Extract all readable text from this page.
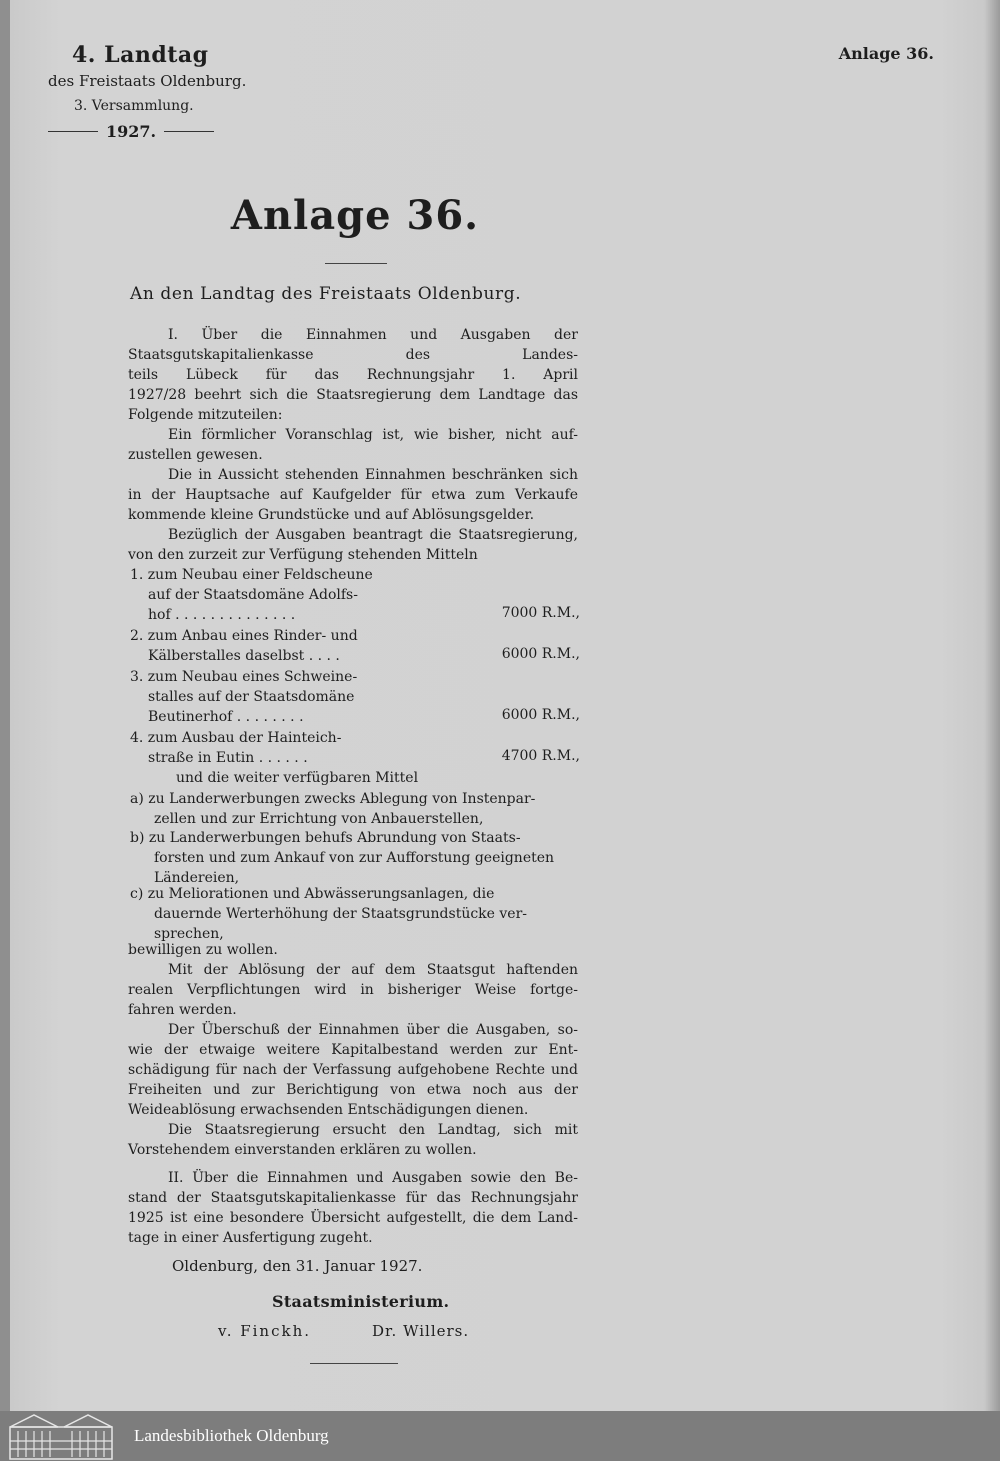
4. Landtag
des Freistaats Oldenburg.
3. Versammlung.
1927.
Anlage 36.
Anlage 36.
An den Landtag des Freistaats Oldenburg.
I. Über die Einnahmen und Ausgaben der
Staatsgutskapitalienkasse des Landes-
teils Lübeck für das Rechnungsjahr 1. April
1927/28 beehrt sich die Staatsregierung dem Landtage das
Folgende mitzuteilen:
Ein förmlicher Voranschlag ist, wie bisher, nicht auf-
zustellen gewesen.
Die in Aussicht stehenden Einnahmen beschränken sich
in der Hauptsache auf Kaufgelder für etwa zum Verkaufe
kommende kleine Grundstücke und auf Ablösungsgelder.
Bezüglich der Ausgaben beantragt die Staatsregierung,
von den zurzeit zur Verfügung stehenden Mitteln
1. zum Neubau einer Feldscheune
auf der Staatsdomäne Adolfs-
hof . . . . . . . . . . . . . .	7000 R.M.,
2. zum Anbau eines Rinder- und
Kälberstalles daselbst . . . .	6000 R.M.,
3. zum Neubau eines Schweine-
stalles auf der Staatsdomäne
Beutinerhof . . . . . . . .	6000 R.M.,
4. zum Ausbau der Hainteich-
straße in Eutin . . . . . .	4700 R.M.,
und die weiter verfügbaren Mittel
a) zu Landerwerbungen zwecks Ablegung von Instenpar-
zellen und zur Errichtung von Anbauerstellen,
b) zu Landerwerbungen behufs Abrundung von Staats-
forsten und zum Ankauf von zur Aufforstung geeigneten
Ländereien,
c) zu Meliorationen und Abwässerungsanlagen, die
dauernde Werterhöhung der Staatsgrundstücke ver-
sprechen,
bewilligen zu wollen.
Mit der Ablösung der auf dem Staatsgut haftenden
realen Verpflichtungen wird in bisheriger Weise fortge-
fahren werden.
Der Überschuß der Einnahmen über die Ausgaben, so-
wie der etwaige weitere Kapitalbestand werden zur Ent-
schädigung für nach der Verfassung aufgehobene Rechte und
Freiheiten und zur Berichtigung von etwa noch aus der
Weideablösung erwachsenden Entschädigungen dienen.
Die Staatsregierung ersucht den Landtag, sich mit
Vorstehendem einverstanden erklären zu wollen.
II. Über die Einnahmen und Ausgaben sowie den Be-
stand der Staatsgutskapitalienkasse für das Rechnungsjahr
1925 ist eine besondere Übersicht aufgestellt, die dem Land-
tage in einer Ausfertigung zugeht.
Oldenburg, den 31. Januar 1927.
Staatsministerium.
v. Finckh.	Dr. Willers.
Landesbibliothek Oldenburg
